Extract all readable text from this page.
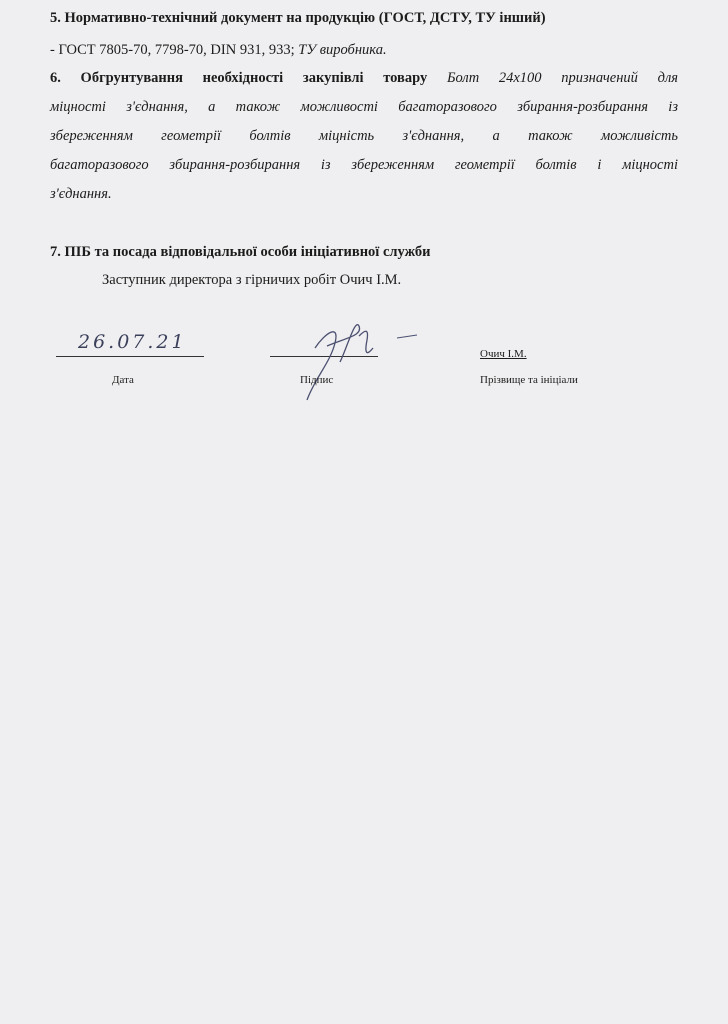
5. Нормативно-технічний документ на продукцію (ГОСТ, ДСТУ, ТУ інший)
- ГОСТ 7805-70, 7798-70, DIN 931, 933; ТУ виробника.
6. Обгрунтування необхідності закупівлі товару Болт 24x100 призначений для
міцності з'єднання, а також можливості багаторазового збирання-розбирання із
збереженням геометрії болтів міцність з'єднання, а також можливість
багаторазового збирання-розбирання із збереженням геометрії болтів і міцності
з'єднання.
7. ПІБ та посада відповідальної особи ініціативної служби
Заступник директора з гірничих робіт Очич І.М.
26.07.21
Дата	Підпис
Очич І.М.
Прізвище та ініціали
